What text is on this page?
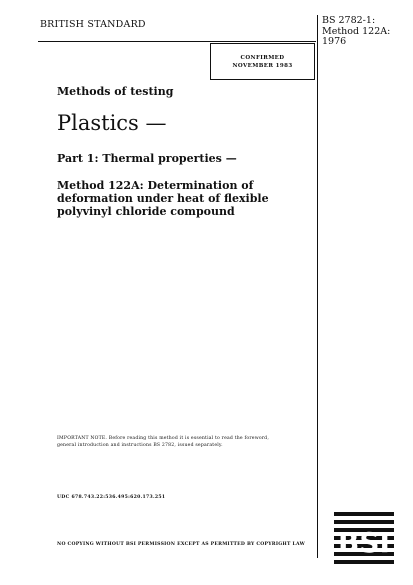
BRITISH STANDARD	BS 2782-1:
Method 122A:
1976
CONFIRMED
NOVEMBER 1983
Methods of testing
Plastics —
Part 1: Thermal properties —
Method 122A: Determination of
deformation under heat of flexible
polyvinyl chloride compound
IMPORTANT NOTE. Before reading this method it is essential to read the foreword,
general introduction and instructions BS 2782, issued separately.
UDC 678.743.22:536.495:620.173.251
NO COPYING WITHOUT BSI PERMISSION EXCEPT AS PERMITTED BY COPYRIGHT LAW	BSI
